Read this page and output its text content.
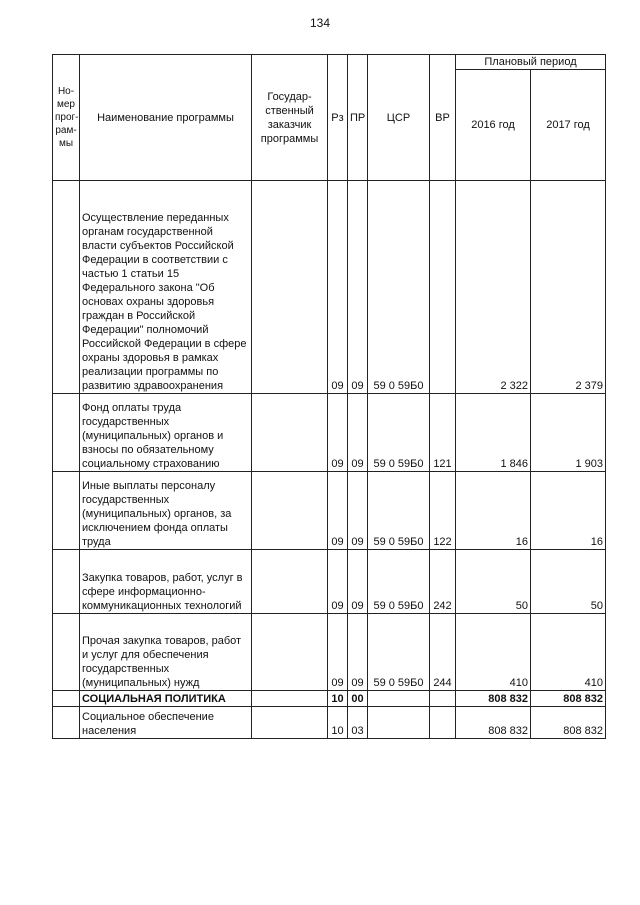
134
Но-
мер
прог-
рам-
мы	Наименование программы	Государ-
ственный
заказчик
программы	Рз	ПР	ЦСР	ВР	Плановый период	
							2016 год	2017 год
	Осуществление переданных органам государственной власти субъектов Российской Федерации в соответствии с частью 1 статьи 15 Федерального закона "Об основах охраны здоровья граждан в Российской Федерации" полномочий Российской Федерации в сфере охраны здоровья в рамках реализации программы по развитию здравоохранения		09	09	59 0 59Б0		2 322	2 379
	Фонд оплаты труда государственных (муниципальных) органов и взносы по обязательному социальному страхованию		09	09	59 0 59Б0	121	1 846	1 903
	Иные выплаты персоналу государственных (муниципальных) органов, за исключением фонда оплаты труда		09	09	59 0 59Б0	122	16	16
	Закупка товаров, работ, услуг в сфере информационно-коммуникационных технологий		09	09	59 0 59Б0	242	50	50
	Прочая закупка товаров, работ и услуг для обеспечения государственных (муниципальных) нужд		09	09	59 0 59Б0	244	410	410
	СОЦИАЛЬНАЯ ПОЛИТИКА		10	00			808 832	808 832
	Социальное обеспечение населения		10	03			808 832	808 832
